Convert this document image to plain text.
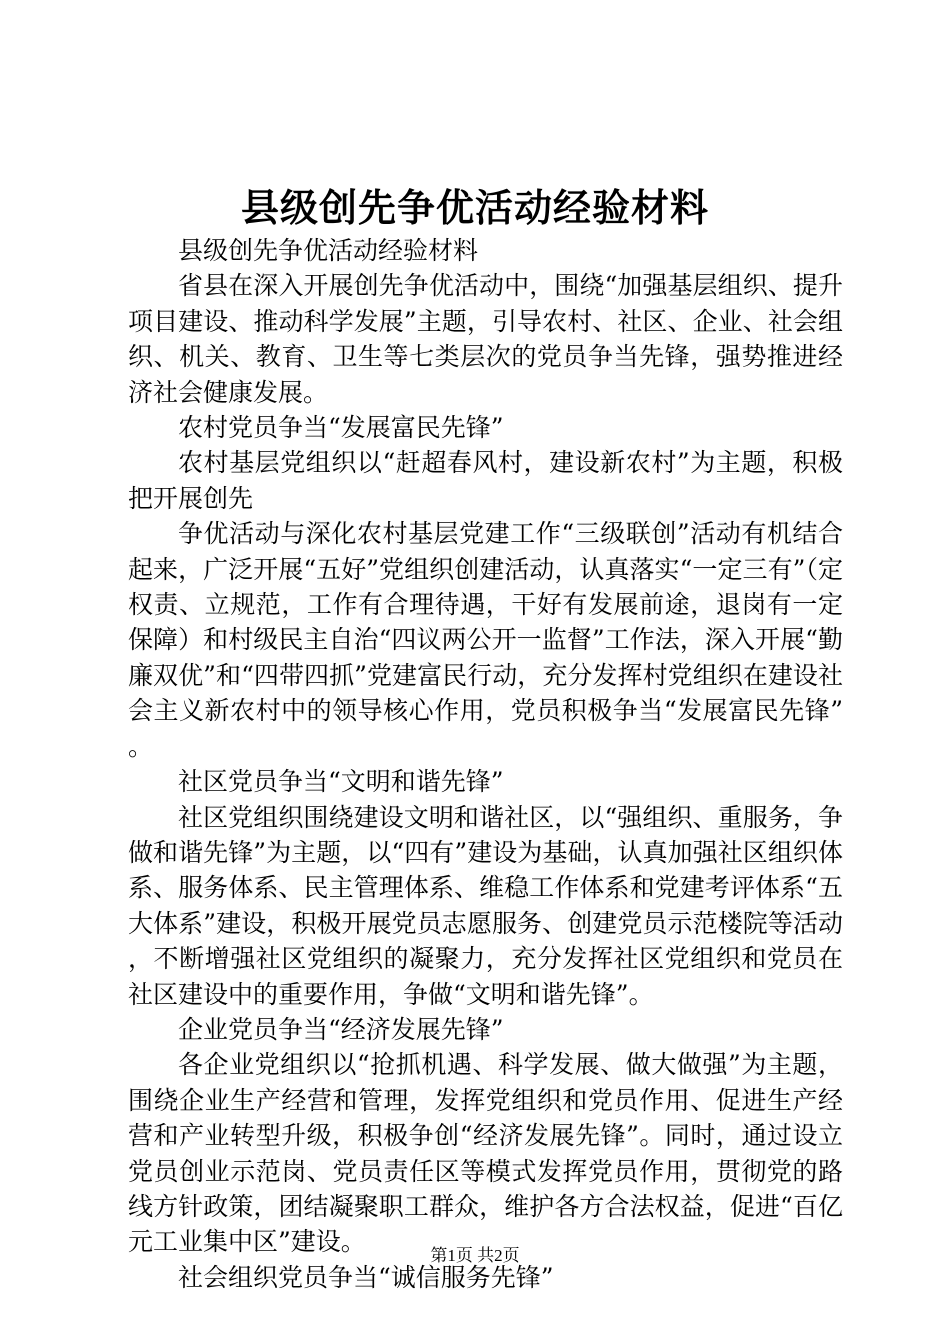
县级创先争优活动经验材料

县级创先争优活动经验材料

省县在深入开展创先争优活动中，围绕“加强基层组织、提升项目建设、推动科学发展”主题，引导农村、社区、企业、社会组织、机关、教育、卫生等七类层次的党员争当先锋，强势推进经济社会健康发展。

农村党员争当“发展富民先锋”

农村基层党组织以“赶超春风村，建设新农村”为主题，积极把开展创先

争优活动与深化农村基层党建工作“三级联创”活动有机结合起来，广泛开展“五好”党组织创建活动，认真落实“一定三有”（定权责、立规范，工作有合理待遇，干好有发展前途，退岗有一定保障）和村级民主自治“四议两公开一监督”工作法，深入开展“勤廉双优”和“四带四抓”党建富民行动，充分发挥村党组织在建设社会主义新农村中的领导核心作用，党员积极争当“发展富民先锋”。

社区党员争当“文明和谐先锋”

社区党组织围绕建设文明和谐社区，以“强组织、重服务，争做和谐先锋”为主题，以“四有”建设为基础，认真加强社区组织体系、服务体系、民主管理体系、维稳工作体系和党建考评体系“五大体系”建设，积极开展党员志愿服务、创建党员示范楼院等活动，不断增强社区党组织的凝聚力，充分发挥社区党组织和党员在社区建设中的重要作用，争做“文明和谐先锋”。

企业党员争当“经济发展先锋”

各企业党组织以“抢抓机遇、科学发展、做大做强”为主题，围绕企业生产经营和管理，发挥党组织和党员作用、促进生产经营和产业转型升级，积极争创“经济发展先锋”。同时，通过设立党员创业示范岗、党员责任区等模式发挥党员作用，贯彻党的路线方针政策，团结凝聚职工群众，维护各方合法权益，促进“百亿元工业集中区”建设。

社会组织党员争当“诚信服务先锋”

第1页 共2页
